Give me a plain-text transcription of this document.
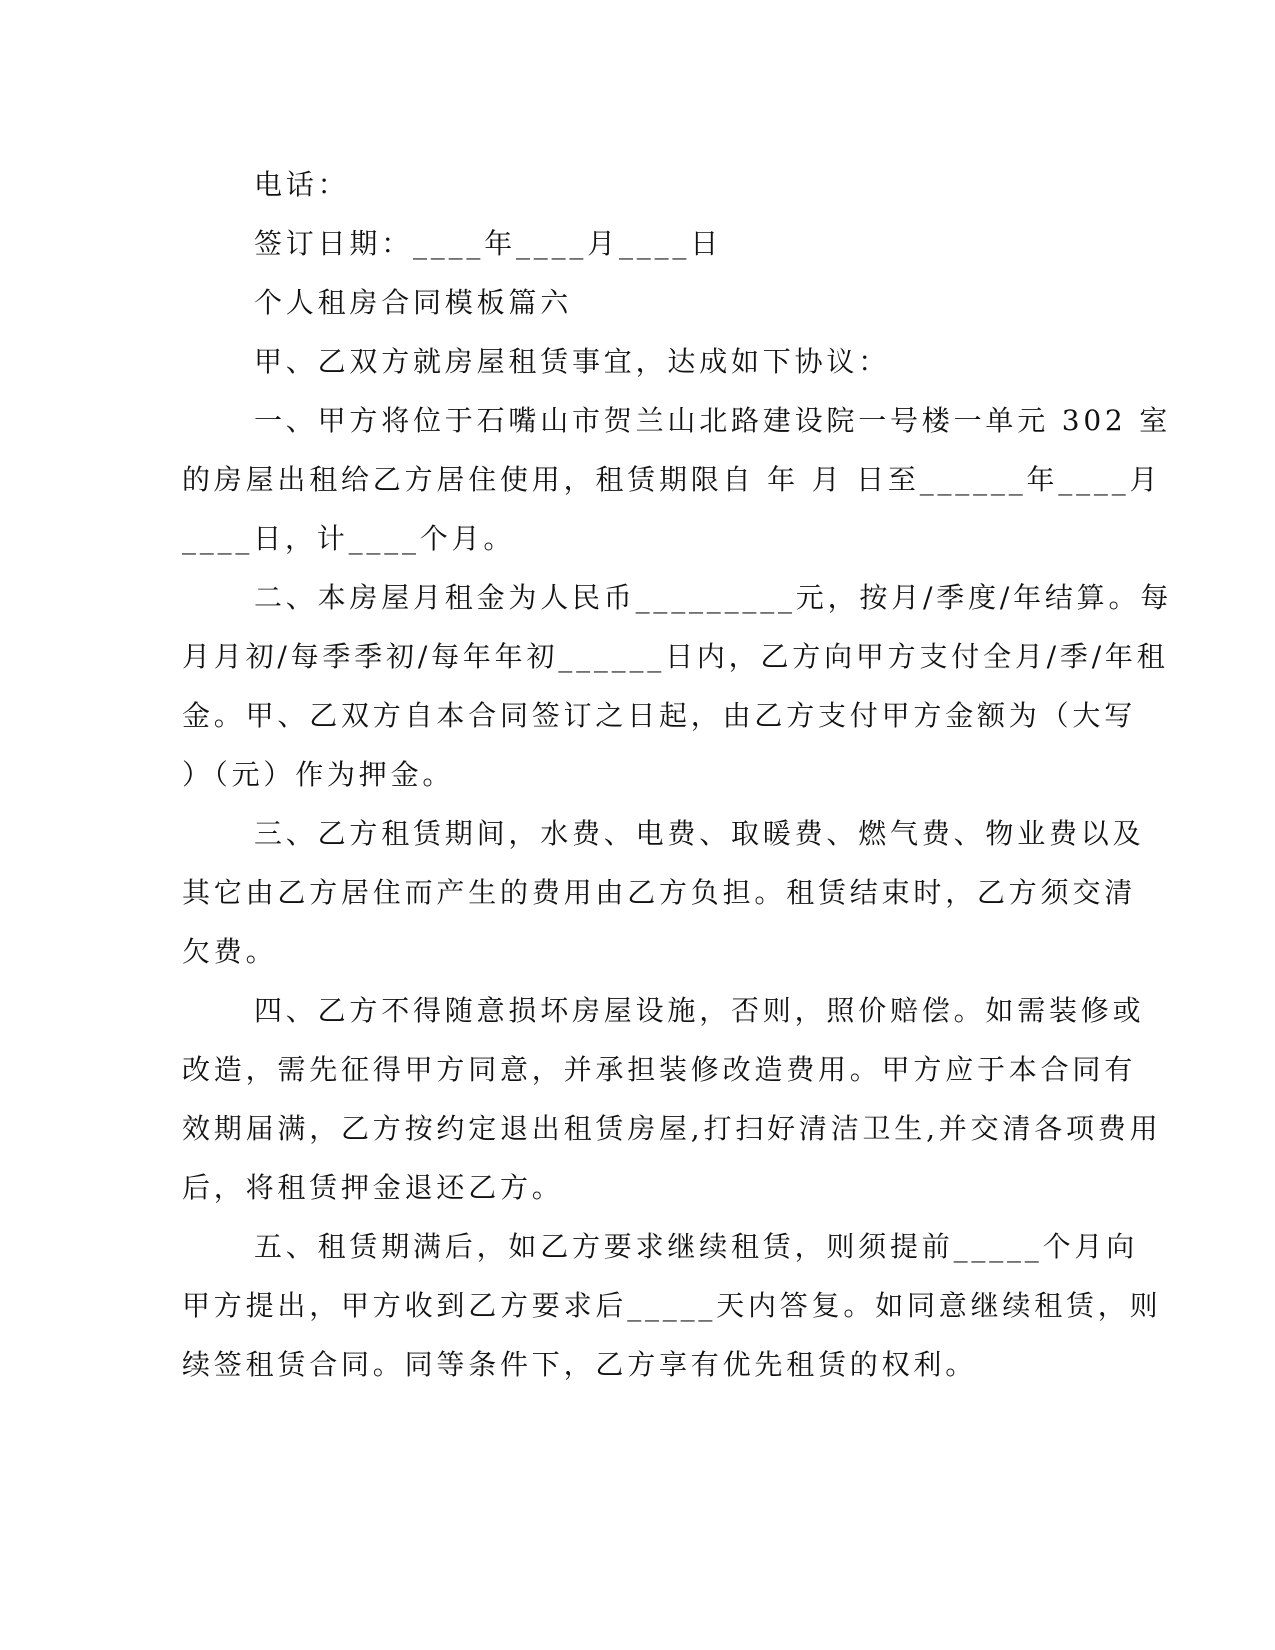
电话：
签订日期：____年____月____日
个人租房合同模板篇六
甲、乙双方就房屋租赁事宜，达成如下协议：
一、甲方将位于石嘴山市贺兰山北路建设院一号楼一单元 302 室
的房屋出租给乙方居住使用，租赁期限自 年 月 日至______年____月
____日，计____个月。
二、本房屋月租金为人民币_________元，按月/季度/年结算。每
月月初/每季季初/每年年初______日内，乙方向甲方支付全月/季/年租
金。甲、乙双方自本合同签订之日起，由乙方支付甲方金额为（大写
）（元）作为押金。
三、乙方租赁期间，水费、电费、取暖费、燃气费、物业费以及
其它由乙方居住而产生的费用由乙方负担。租赁结束时，乙方须交清
欠费。
四、乙方不得随意损坏房屋设施，否则，照价赔偿。如需装修或
改造，需先征得甲方同意，并承担装修改造费用。甲方应于本合同有
效期届满，乙方按约定退出租赁房屋,打扫好清洁卫生,并交清各项费用
后，将租赁押金退还乙方。
五、租赁期满后，如乙方要求继续租赁，则须提前_____个月向
甲方提出，甲方收到乙方要求后_____天内答复。如同意继续租赁，则
续签租赁合同。同等条件下，乙方享有优先租赁的权利。
